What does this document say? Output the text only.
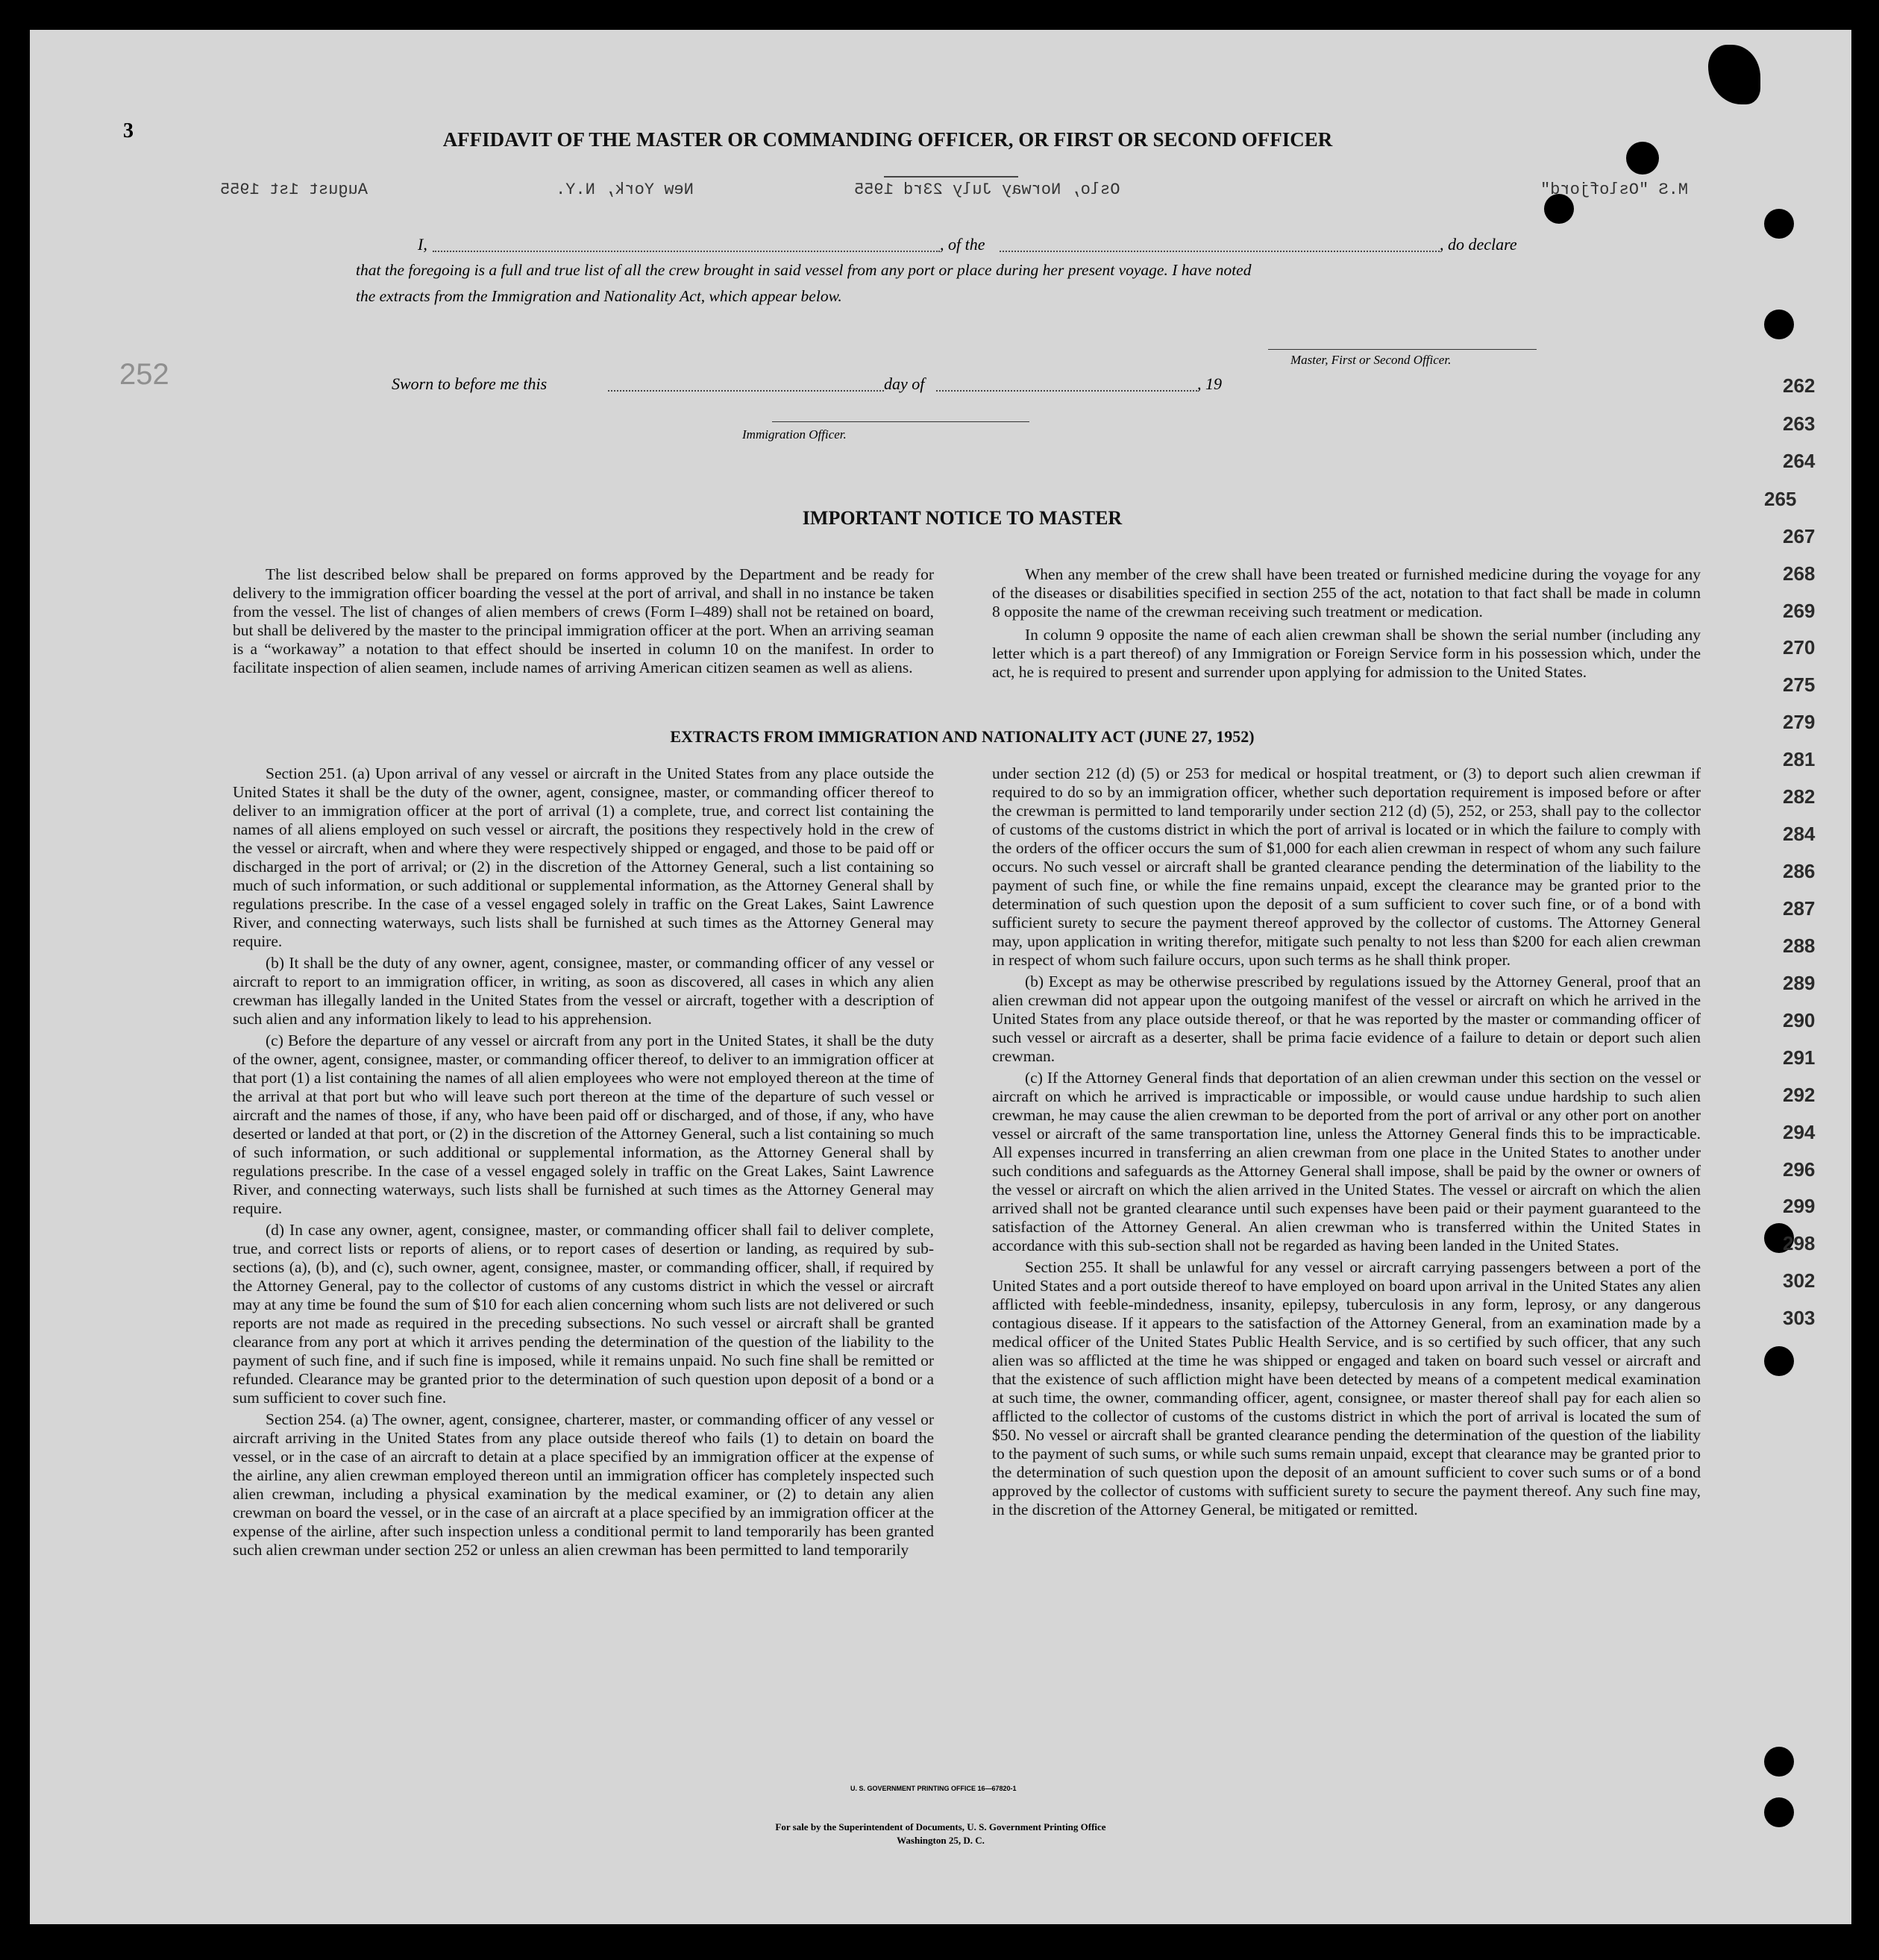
3
252
AFFIDAVIT OF THE MASTER OR COMMANDING OFFICER, OR FIRST OR SECOND OFFICER
August 1st 1955	New York, N.Y.	Oslo, Norway July 23rd 1955	M.S "Oslofjord"
I,	, of the	, do declare
that the foregoing is a full and true list of all the crew brought in said vessel from any port or place during her present voyage. I have noted
the extracts from the Immigration and Nationality Act, which appear below.
Master, First or Second Officer.
Sworn to before me this	day of	, 19
Immigration Officer.
262
263
264
265
267
268
269
270
275
279
281
282
284
286
287
288
289
290
291
292
294
296
299
298
302
303
IMPORTANT NOTICE TO MASTER

The list described below shall be prepared on forms approved by the Department and be ready for delivery to the immigration officer boarding the vessel at the port of arrival, and shall in no instance be taken from the vessel. The list of changes of alien members of crews (Form I–489) shall not be retained on board, but shall be delivered by the master to the principal immigration officer at the port. When an arriving seaman is a “workaway” a notation to that effect should be inserted in column 10 on the manifest. In order to facilitate inspection of alien seamen, include names of arriving American citizen seamen as well as aliens.

When any member of the crew shall have been treated or furnished medicine during the voyage for any of the diseases or disabilities specified in section 255 of the act, notation to that fact shall be made in column 8 opposite the name of the crewman receiving such treatment or medication.

In column 9 opposite the name of each alien crewman shall be shown the serial number (including any letter which is a part thereof) of any Immigration or Foreign Service form in his possession which, under the act, he is required to present and surrender upon applying for admission to the United States.

EXTRACTS FROM IMMIGRATION AND NATIONALITY ACT (JUNE 27, 1952)

Section 251. (a) Upon arrival of any vessel or aircraft in the United States from any place outside the United States it shall be the duty of the owner, agent, consignee, master, or commanding officer thereof to deliver to an immigration officer at the port of arrival (1) a complete, true, and correct list containing the names of all aliens employed on such vessel or aircraft, the positions they respectively hold in the crew of the vessel or aircraft, when and where they were respectively shipped or engaged, and those to be paid off or discharged in the port of arrival; or (2) in the discretion of the Attorney General, such a list containing so much of such information, or such additional or supplemental information, as the Attorney General shall by regulations prescribe. In the case of a vessel engaged solely in traffic on the Great Lakes, Saint Lawrence River, and connecting waterways, such lists shall be furnished at such times as the Attorney General may require.

(b) It shall be the duty of any owner, agent, consignee, master, or commanding officer of any vessel or aircraft to report to an immigration officer, in writing, as soon as discovered, all cases in which any alien crewman has illegally landed in the United States from the vessel or aircraft, together with a description of such alien and any information likely to lead to his apprehension.

(c) Before the departure of any vessel or aircraft from any port in the United States, it shall be the duty of the owner, agent, consignee, master, or commanding officer thereof, to deliver to an immigration officer at that port (1) a list containing the names of all alien employees who were not employed thereon at the time of the arrival at that port but who will leave such port thereon at the time of the departure of such vessel or aircraft and the names of those, if any, who have been paid off or discharged, and of those, if any, who have deserted or landed at that port, or (2) in the discretion of the Attorney General, such a list containing so much of such information, or such additional or supplemental information, as the Attorney General shall by regulations prescribe. In the case of a vessel engaged solely in traffic on the Great Lakes, Saint Lawrence River, and connecting waterways, such lists shall be furnished at such times as the Attorney General may require.

(d) In case any owner, agent, consignee, master, or commanding officer shall fail to deliver complete, true, and correct lists or reports of aliens, or to report cases of desertion or landing, as required by sub-sections (a), (b), and (c), such owner, agent, consignee, master, or commanding officer, shall, if required by the Attorney General, pay to the collector of customs of any customs district in which the vessel or aircraft may at any time be found the sum of $10 for each alien concerning whom such lists are not delivered or such reports are not made as required in the preceding subsections. No such vessel or aircraft shall be granted clearance from any port at which it arrives pending the determination of the question of the liability to the payment of such fine, and if such fine is imposed, while it remains unpaid. No such fine shall be remitted or refunded. Clearance may be granted prior to the determination of such question upon deposit of a bond or a sum sufficient to cover such fine.

Section 254. (a) The owner, agent, consignee, charterer, master, or commanding officer of any vessel or aircraft arriving in the United States from any place outside thereof who fails (1) to detain on board the vessel, or in the case of an aircraft to detain at a place specified by an immigration officer at the expense of the airline, any alien crewman employed thereon until an immigration officer has completely inspected such alien crewman, including a physical examination by the medical examiner, or (2) to detain any alien crewman on board the vessel, or in the case of an aircraft at a place specified by an immigration officer at the expense of the airline, after such inspection unless a conditional permit to land temporarily has been granted such alien crewman under section 252 or unless an alien crewman has been permitted to land temporarily

under section 212 (d) (5) or 253 for medical or hospital treatment, or (3) to deport such alien crewman if required to do so by an immigration officer, whether such deportation requirement is imposed before or after the crewman is permitted to land temporarily under section 212 (d) (5), 252, or 253, shall pay to the collector of customs of the customs district in which the port of arrival is located or in which the failure to comply with the orders of the officer occurs the sum of $1,000 for each alien crewman in respect of whom any such failure occurs. No such vessel or aircraft shall be granted clearance pending the determination of the liability to the payment of such fine, or while the fine remains unpaid, except the clearance may be granted prior to the determination of such question upon the deposit of a sum sufficient to cover such fine, or of a bond with sufficient surety to secure the payment thereof approved by the collector of customs. The Attorney General may, upon application in writing therefor, mitigate such penalty to not less than $200 for each alien crewman in respect of whom such failure occurs, upon such terms as he shall think proper.

(b) Except as may be otherwise prescribed by regulations issued by the Attorney General, proof that an alien crewman did not appear upon the outgoing manifest of the vessel or aircraft on which he arrived in the United States from any place outside thereof, or that he was reported by the master or commanding officer of such vessel or aircraft as a deserter, shall be prima facie evidence of a failure to detain or deport such alien crewman.

(c) If the Attorney General finds that deportation of an alien crewman under this section on the vessel or aircraft on which he arrived is impracticable or impossible, or would cause undue hardship to such alien crewman, he may cause the alien crewman to be deported from the port of arrival or any other port on another vessel or aircraft of the same transportation line, unless the Attorney General finds this to be impracticable. All expenses incurred in transferring an alien crewman from one place in the United States to another under such conditions and safeguards as the Attorney General shall impose, shall be paid by the owner or owners of the vessel or aircraft on which the alien arrived in the United States. The vessel or aircraft on which the alien arrived shall not be granted clearance until such expenses have been paid or their payment guaranteed to the satisfaction of the Attorney General. An alien crewman who is transferred within the United States in accordance with this sub-section shall not be regarded as having been landed in the United States.

Section 255. It shall be unlawful for any vessel or aircraft carrying passengers between a port of the United States and a port outside thereof to have employed on board upon arrival in the United States any alien afflicted with feeble-mindedness, insanity, epilepsy, tuberculosis in any form, leprosy, or any dangerous contagious disease. If it appears to the satisfaction of the Attorney General, from an examination made by a medical officer of the United States Public Health Service, and is so certified by such officer, that any such alien was so afflicted at the time he was shipped or engaged and taken on board such vessel or aircraft and that the existence of such affliction might have been detected by means of a competent medical examination at such time, the owner, commanding officer, agent, consignee, or master thereof shall pay for each alien so afflicted to the collector of customs of the customs district in which the port of arrival is located the sum of $50. No vessel or aircraft shall be granted clearance pending the determination of the question of the liability to the payment of such sums, or while such sums remain unpaid, except that clearance may be granted prior to the determination of such question upon the deposit of an amount sufficient to cover such sums or of a bond approved by the collector of customs with sufficient surety to secure the payment thereof. Any such fine may, in the discretion of the Attorney General, be mitigated or remitted.

U. S. GOVERNMENT PRINTING OFFICE 16—67820-1
For sale by the Superintendent of Documents, U. S. Government Printing Office
Washington 25, D. C.
